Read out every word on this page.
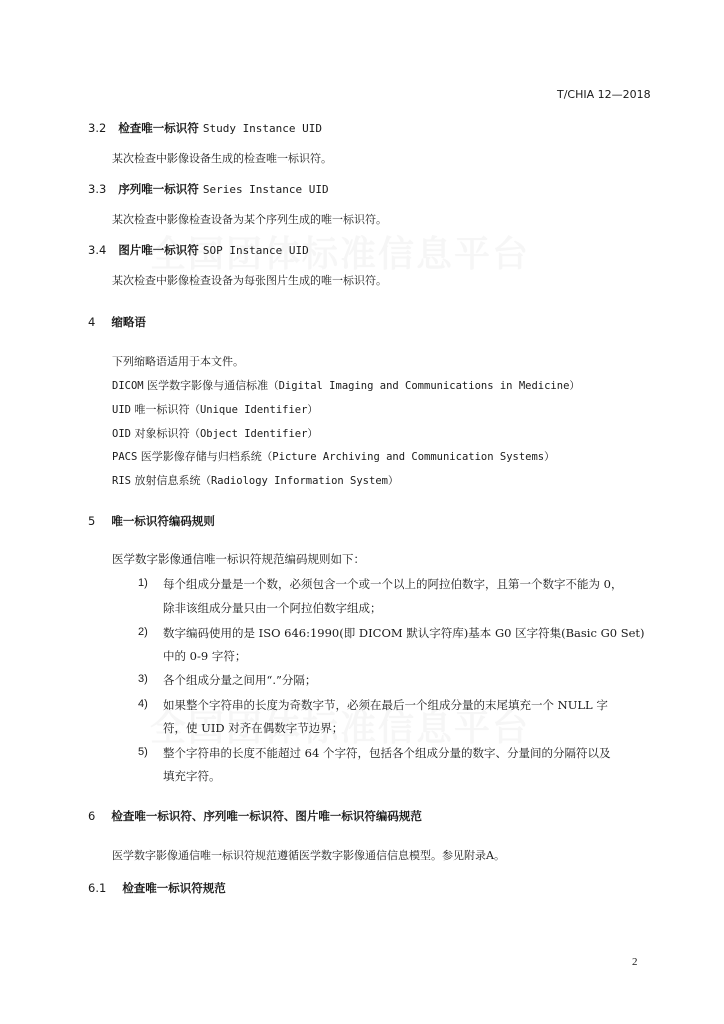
T/CHIA 12—2018
3.2 检查唯一标识符 Study Instance UID
某次检查中影像设备生成的检查唯一标识符。
3.3 序列唯一标识符 Series Instance UID
某次检查中影像检查设备为某个序列生成的唯一标识符。
3.4 图片唯一标识符 SOP Instance UID
某次检查中影像检查设备为每张图片生成的唯一标识符。
4 缩略语
下列缩略语适用于本文件。
DICOM 医学数字影像与通信标准（Digital Imaging and Communications in Medicine）
UID 唯一标识符（Unique Identifier）
OID 对象标识符（Object Identifier）
PACS 医学影像存储与归档系统（Picture Archiving and Communication Systems）
RIS 放射信息系统（Radiology Information System）
5 唯一标识符编码规则
医学数字影像通信唯一标识符规范编码规则如下：
1) 每个组成分量是一个数，必须包含一个或一个以上的阿拉伯数字，且第一个数字不能为 0，
除非该组成分量只由一个阿拉伯数字组成；
2) 数字编码使用的是 ISO 646:1990(即 DICOM 默认字符库)基本 G0 区字符集(Basic G0 Set)
中的 0-9 字符；
3) 各个组成分量之间用“.”分隔；
4) 如果整个字符串的长度为奇数字节，必须在最后一个组成分量的末尾填充一个 NULL 字
符，使 UID 对齐在偶数字节边界；
5) 整个字符串的长度不能超过 64 个字符，包括各个组成分量的数字、分量间的分隔符以及
填充字符。
6 检查唯一标识符、序列唯一标识符、图片唯一标识符编码规范
医学数字影像通信唯一标识符规范遵循医学数字影像通信信息模型。参见附录A。
6.1 检查唯一标识符规范
2
